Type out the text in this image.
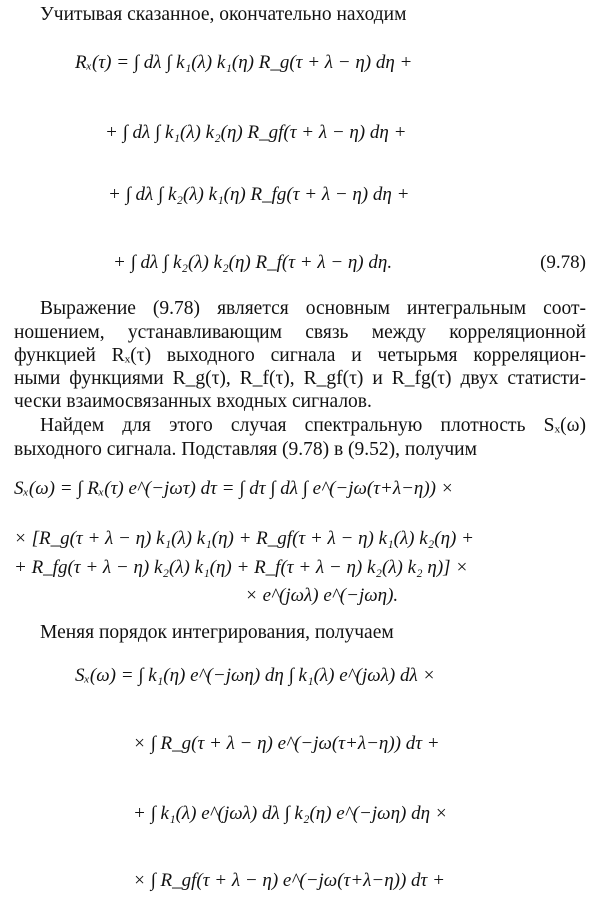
Учитывая сказанное, окончательно находим
Rₓ(τ) = ∫ dλ ∫ k₁(λ) k₁(η) R_g(τ + λ − η) dη +
+ ∫ dλ ∫ k₁(λ) k₂(η) R_gf(τ + λ − η) dη +
+ ∫ dλ ∫ k₂(λ) k₁(η) R_fg(τ + λ − η) dη +
+ ∫ dλ ∫ k₂(λ) k₂(η) R_f(τ + λ − η) dη.	(9.78)
Выражение (9.78) является основным интегральным соот-
ношением, устанавливающим связь между корреляционной
функцией Rₓ(τ) выходного сигнала и четырьмя корреляцион-
ными функциями R_g(τ), R_f(τ), R_gf(τ) и R_fg(τ) двух статисти-
чески взаимосвязанных входных сигналов.
Найдем для этого случая спектральную плотность Sₓ(ω)
выходного сигнала. Подставляя (9.78) в (9.52), получим
Sₓ(ω) = ∫ Rₓ(τ) e^(−jωτ) dτ = ∫ dτ ∫ dλ ∫ e^(−jω(τ+λ−η)) ×
× [R_g(τ + λ − η) k₁(λ) k₁(η) + R_gf(τ + λ − η) k₁(λ) k₂(η) +
+ R_fg(τ + λ − η) k₂(λ) k₁(η) + R_f(τ + λ − η) k₂(λ) k₂ η)] ×
× e^(jωλ) e^(−jωη).
Меняя порядок интегрирования, получаем
Sₓ(ω) = ∫ k₁(η) e^(−jωη) dη ∫ k₁(λ) e^(jωλ) dλ ×
× ∫ R_g(τ + λ − η) e^(−jω(τ+λ−η)) dτ +
+ ∫ k₁(λ) e^(jωλ) dλ ∫ k₂(η) e^(−jωη) dη ×
× ∫ R_gf(τ + λ − η) e^(−jω(τ+λ−η)) dτ +
